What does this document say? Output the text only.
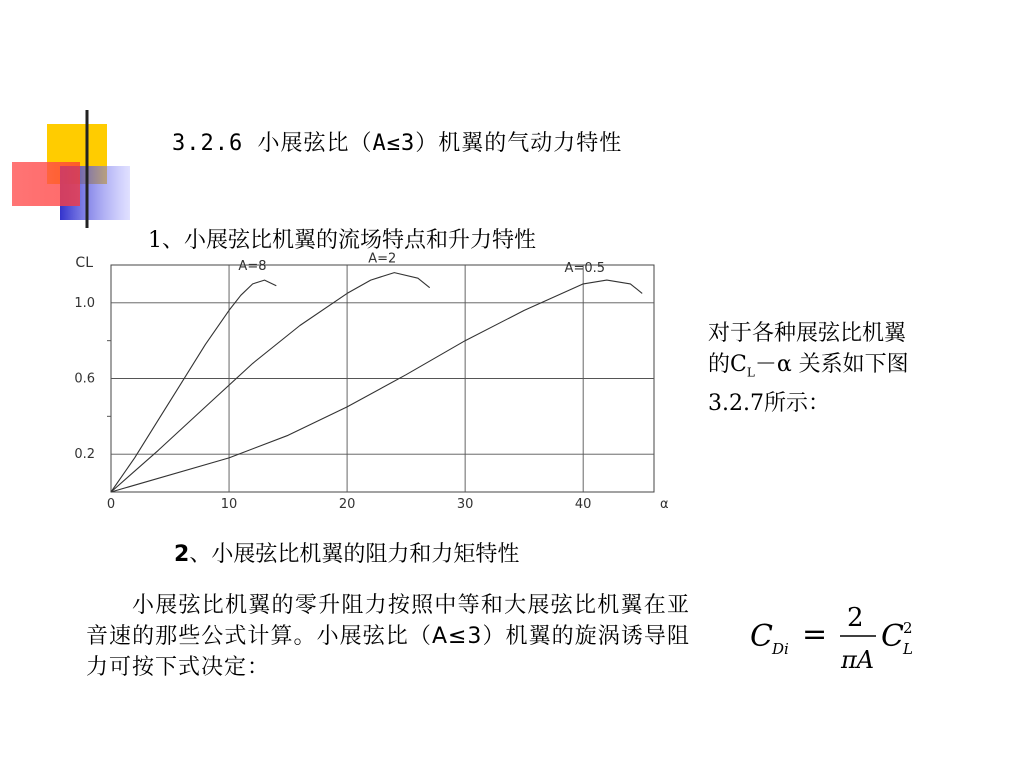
3.2.6 小展弦比（A≤3）机翼的气动力特性
1、小展弦比机翼的流场特点和升力特性
0	10	20	30	40
0.2
0.6
1.0
CL
α
A=8
A=2
A=0.5
对于各种展弦比机翼
的$C_L-\alpha$ 关系如下图
3.2.7所示：
2、小展弦比机翼的阻力和力矩特性
小展弦比机翼的零升阻力按照中等和大展弦比机翼在亚音速的那些公式计算。小展弦比（A≤3）机翼的旋涡诱导阻力可按下式决定：
C Di = 2
πA
C 2
L
